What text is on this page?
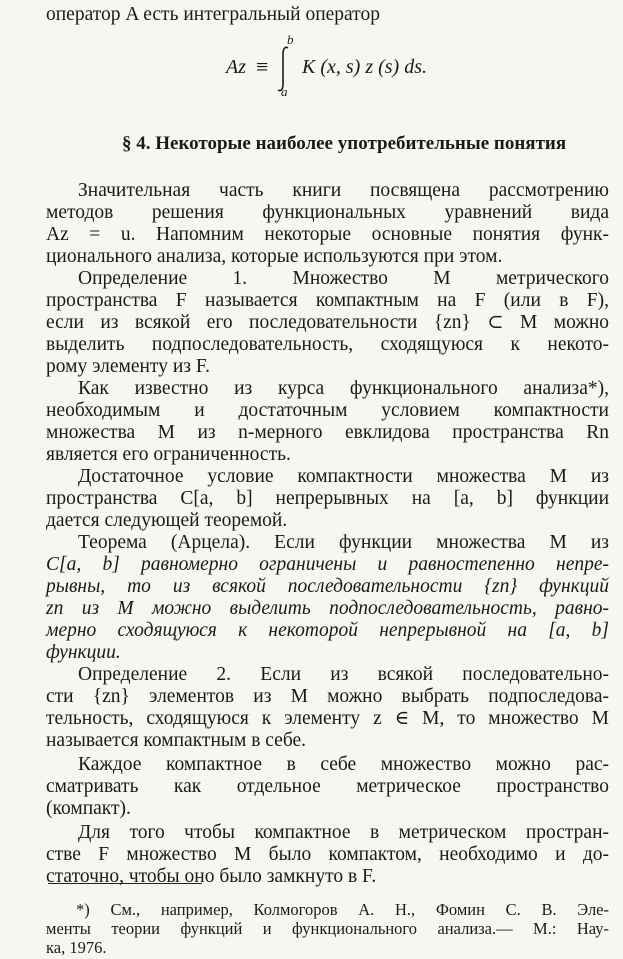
оператор A есть интегральный оператор
Az ≡
b
a
K (x, s) z (s) ds.
§ 4. Некоторые наиболее употребительные понятия
Значительная часть книги посвящена рассмотрению
методов решения функциональных уравнений вида
Az = u. Напомним некоторые основные понятия функ-
ционального анализа, которые используются при этом.
Определение 1. Множество M метрического
пространства F называется компактным на F (или в F),
если из всякой его последовательности {zn} ⊂ M можно
выделить подпоследовательность, сходящуюся к некото-
рому элементу из F.
Как известно из курса функционального анализа*),
необходимым и достаточным условием компактности
множества M из n-мерного евклидова пространства Rn
является его ограниченность.
Достаточное условие компактности множества M из
пространства C[a, b] непрерывных на [a, b] функции
дается следующей теоремой.
Теорема (Арцела). Если функции множества M из
C[a, b] равномерно ограничены и равностепенно непре-
рывны, то из всякой последовательности {zn} функций
zn из M можно выделить подпоследовательность, равно-
мерно сходящуюся к некоторой непрерывной на [a, b]
функции.
Определение 2. Если из всякой последовательно-
сти {zn} элементов из M можно выбрать подпоследова-
тельность, сходящуюся к элементу z ∈ M, то множество M
называется компактным в себе.
Каждое компактное в себе множество можно рас-
сматривать как отдельное метрическое пространство
(компакт).
Для того чтобы компактное в метрическом простран-
стве F множество M было компактом, необходимо и до-
статочно, чтобы оно было замкнуто в F.
*) См., например, Колмогоров А. Н., Фомин С. В. Эле-
менты теории функций и функционального анализа.— М.: Нау-
ка, 1976.
